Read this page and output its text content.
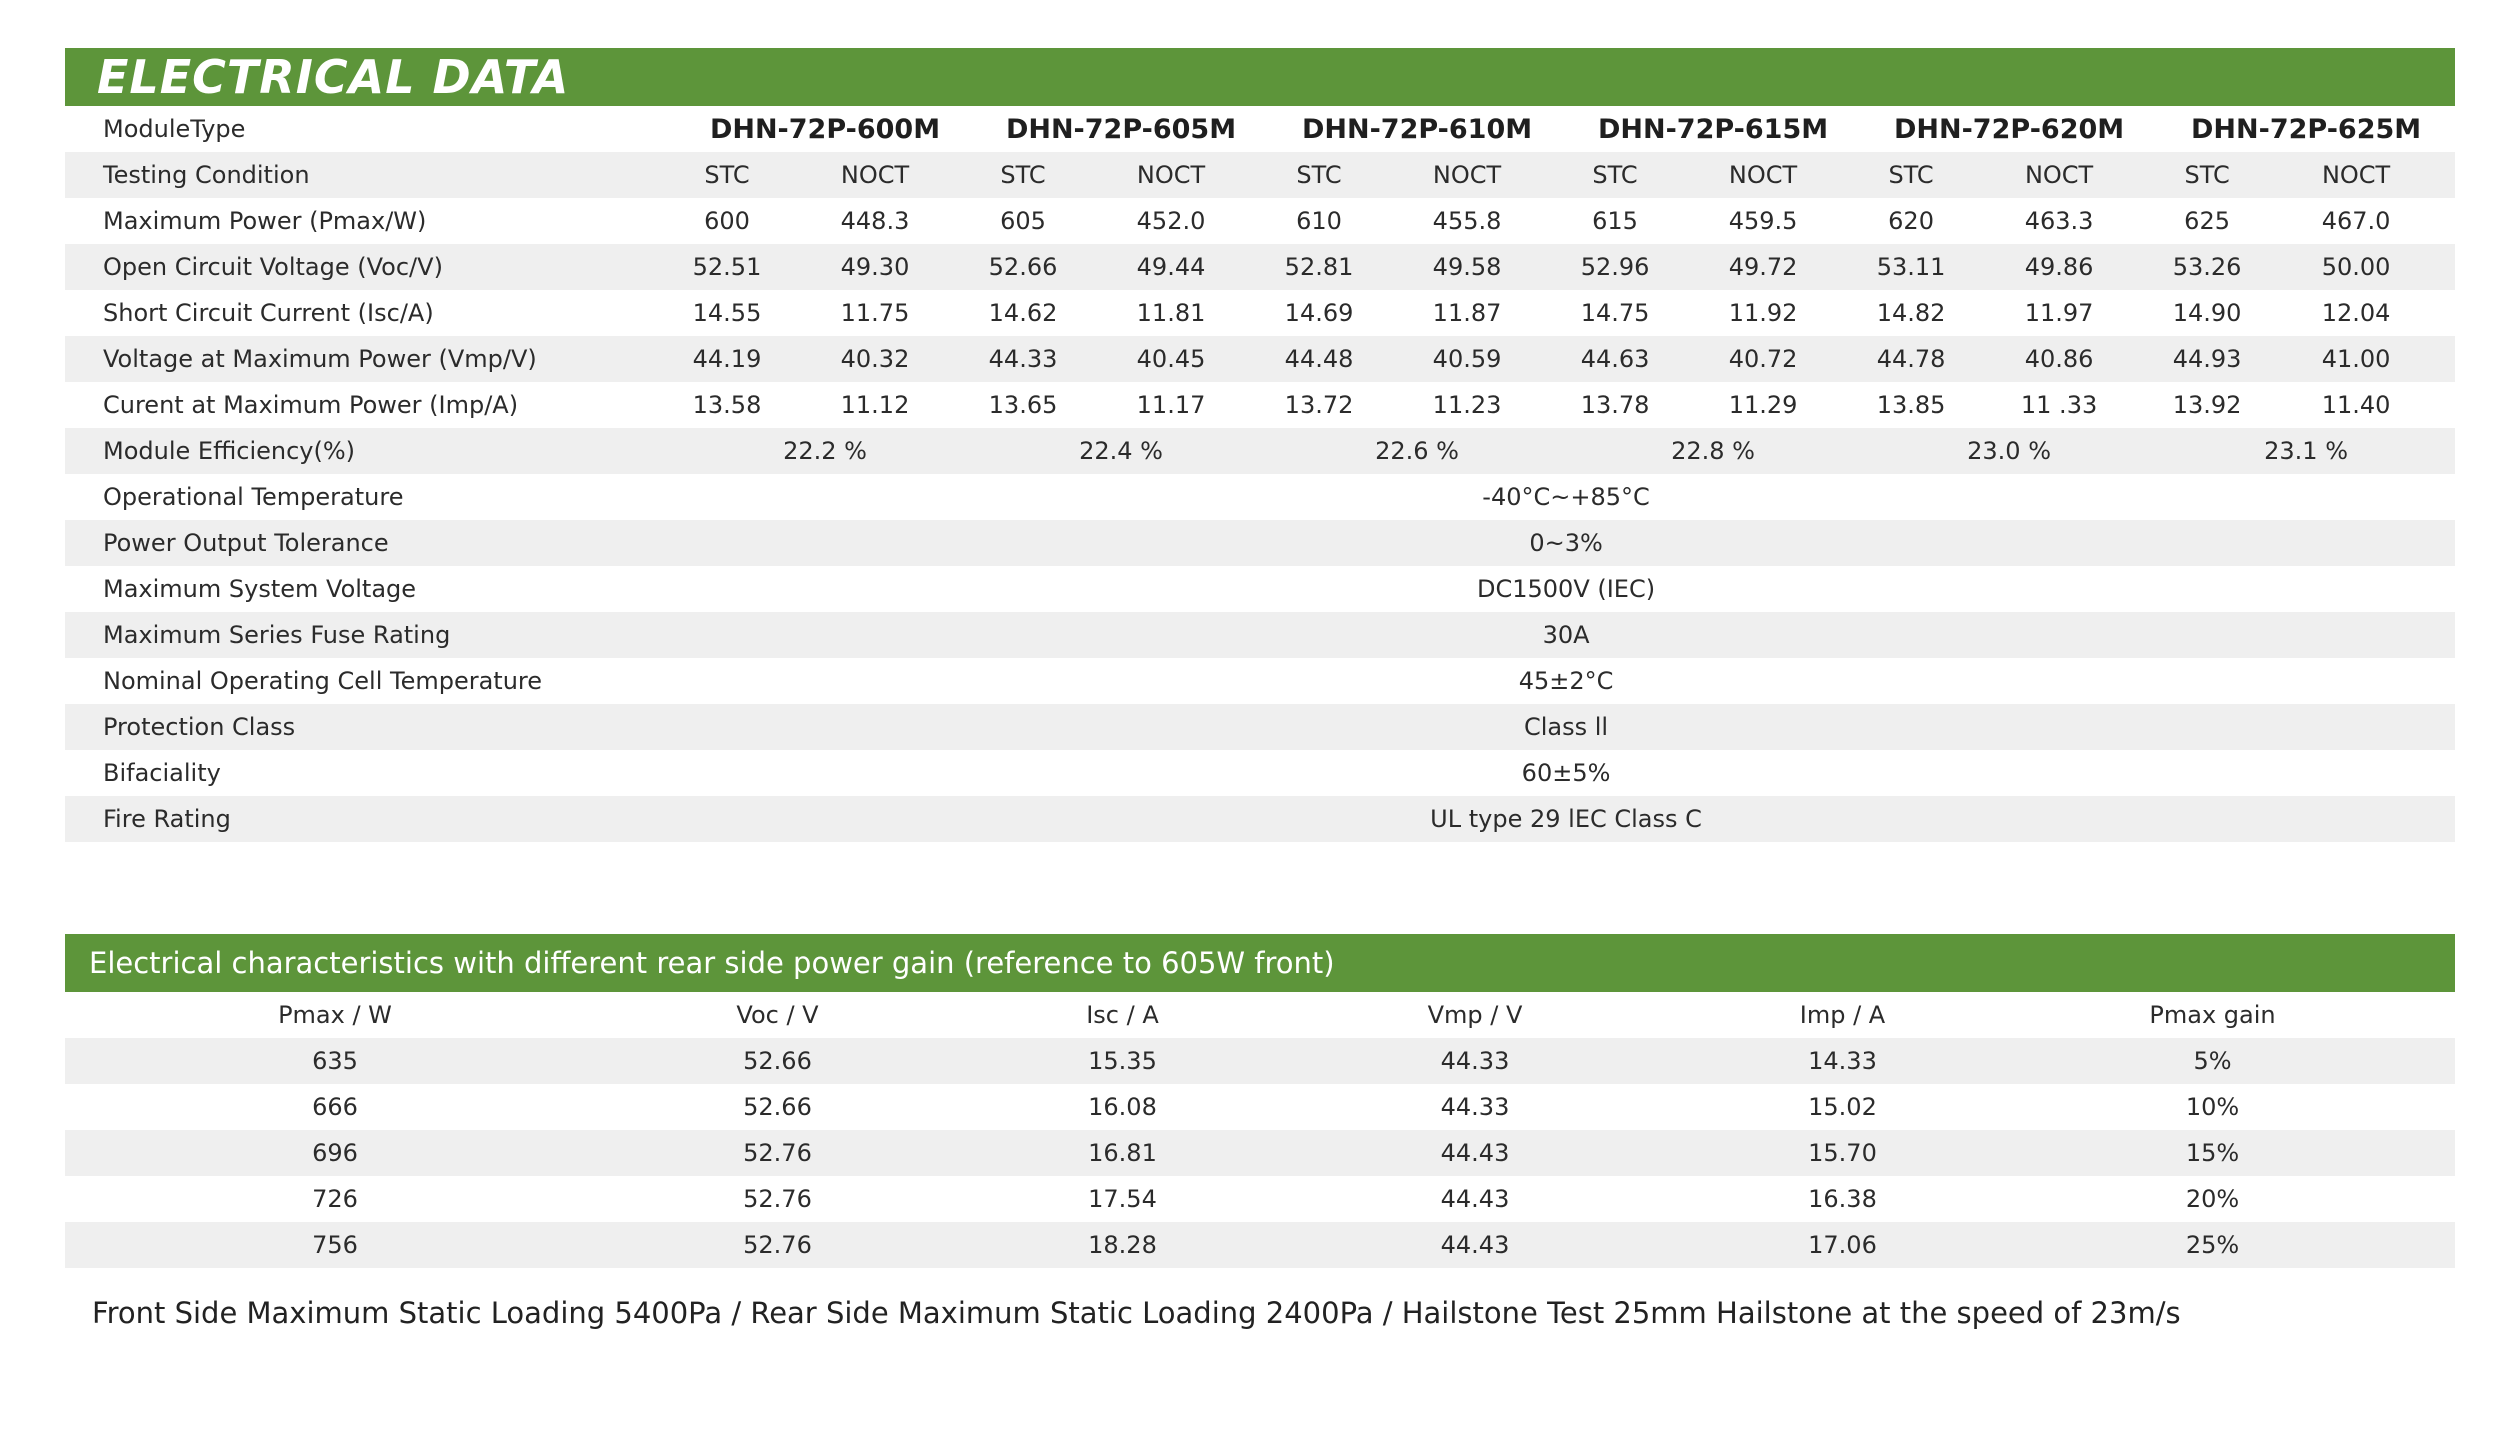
ELECTRICAL DATA
ModuleType	DHN-72P-600M		DHN-72P-605M		DHN-72P-610M		DHN-72P-615M		DHN-72P-620M		DHN-72P-625M	
Testing Condition	STC	NOCT	STC	NOCT	STC	NOCT	STC	NOCT	STC	NOCT	STC	NOCT
Maximum Power (Pmax/W)	600	448.3	605	452.0	610	455.8	615	459.5	620	463.3	625	467.0
Open Circuit Voltage (Voc/V)	52.51	49.30	52.66	49.44	52.81	49.58	52.96	49.72	53.11	49.86	53.26	50.00
Short Circuit Current (Isc/A)	14.55	11.75	14.62	11.81	14.69	11.87	14.75	11.92	14.82	11.97	14.90	12.04
Voltage at Maximum Power (Vmp/V)	44.19	40.32	44.33	40.45	44.48	40.59	44.63	40.72	44.78	40.86	44.93	41.00
Curent at Maximum Power (Imp/A)	13.58	11.12	13.65	11.17	13.72	11.23	13.78	11.29	13.85	11 .33	13.92	11.40
Module Efficiency(%)	22.2 %		22.4 %		22.6 %		22.8 %		23.0 %		23.1 %	
Operational Temperature	-40°C~+85°C											
Power Output Tolerance	0~3%											
Maximum System Voltage	DC1500V (IEC)											
Maximum Series Fuse Rating	30A											
Nominal Operating Cell Temperature	45±2°C											
Protection Class	Class ll											
Bifaciality	60±5%											
Fire Rating	UL type 29 lEC Class C											
Electrical characteristics with different rear side power gain (reference to 605W front)
Pmax / W	Voc / V	Isc / A	Vmp / V	Imp / A	Pmax gain	
635	52.66	15.35	44.33	14.33	5%	
666	52.66	16.08	44.33	15.02	10%	
696	52.76	16.81	44.43	15.70	15%	
726	52.76	17.54	44.43	16.38	20%	
756	52.76	18.28	44.43	17.06	25%	
Front Side Maximum Static Loading 5400Pa / Rear Side Maximum Static Loading 2400Pa / Hailstone Test 25mm Hailstone at the speed of 23m/s
